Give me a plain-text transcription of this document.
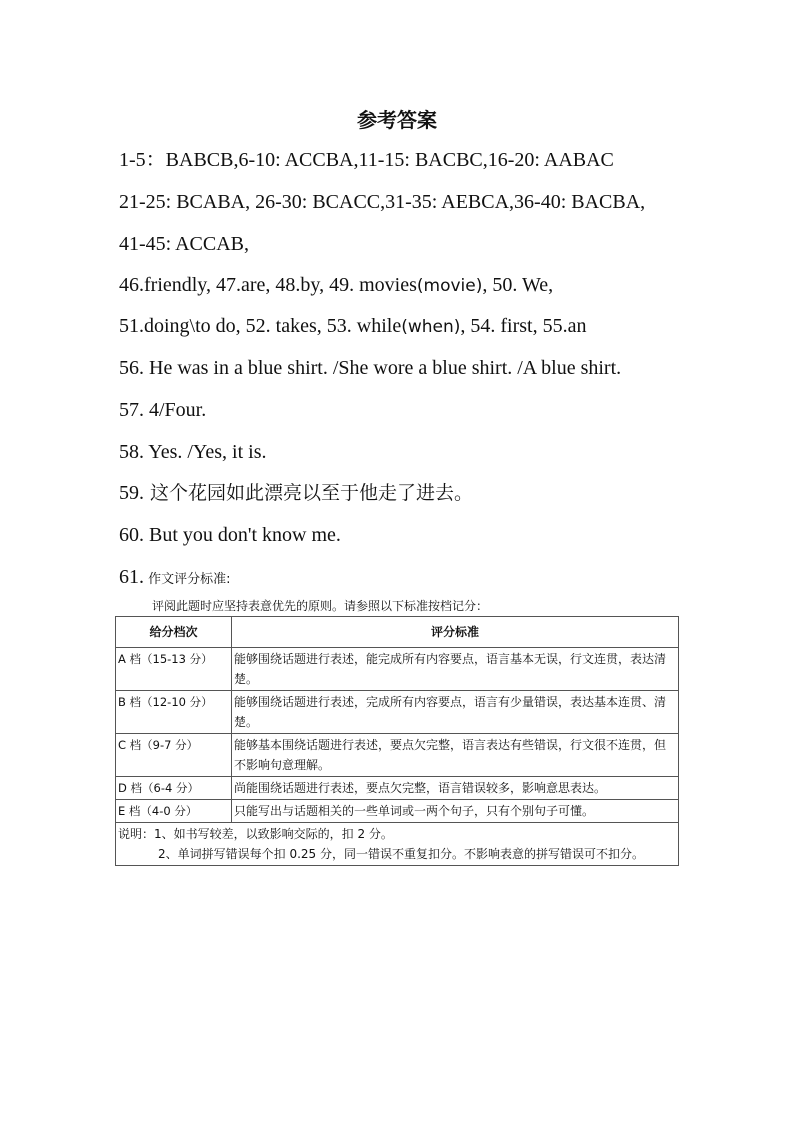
参考答案
1-5：BABCB,6-10: ACCBA,11-15: BACBC,16-20: AABAC
21-25: BCABA, 26-30: BCACC,31-35: AEBCA,36-40: BACBA,
41-45: ACCAB,
46.friendly, 47.are, 48.by, 49. movies(movie), 50. We,
51.doing\to do, 52. takes, 53. while(when), 54. first, 55.an
56. He was in a blue shirt. /She wore a blue shirt. /A blue shirt.
57. 4/Four.
58. Yes. /Yes, it is.
59. 这个花园如此漂亮以至于他走了进去。
60. But you don't know me.
61. 作文评分标准:
评阅此题时应坚持表意优先的原则。请参照以下标准按档记分：
给分档次	评分标准
A 档（15-13 分）	能够围绕话题进行表述，能完成所有内容要点，语言基本无误，行文连贯，表达清楚。
B 档（12-10 分）	能够围绕话题进行表述，完成所有内容要点，语言有少量错误，表达基本连贯、清楚。
C 档（9-7 分）	能够基本围绕话题进行表述，要点欠完整，语言表达有些错误，行文很不连贯，但不影响句意理解。
D 档（6-4 分）	尚能围绕话题进行表述，要点欠完整，语言错误较多，影响意思表达。
E 档（4-0 分）	只能写出与话题相关的一些单词或一两个句子，只有个别句子可懂。

说明：1、如书写较差，以致影响交际的，扣 2 分。
2、单词拼写错误每个扣 0.25 分，同一错误不重复扣分。不影响表意的拼写错误可不扣分。	
